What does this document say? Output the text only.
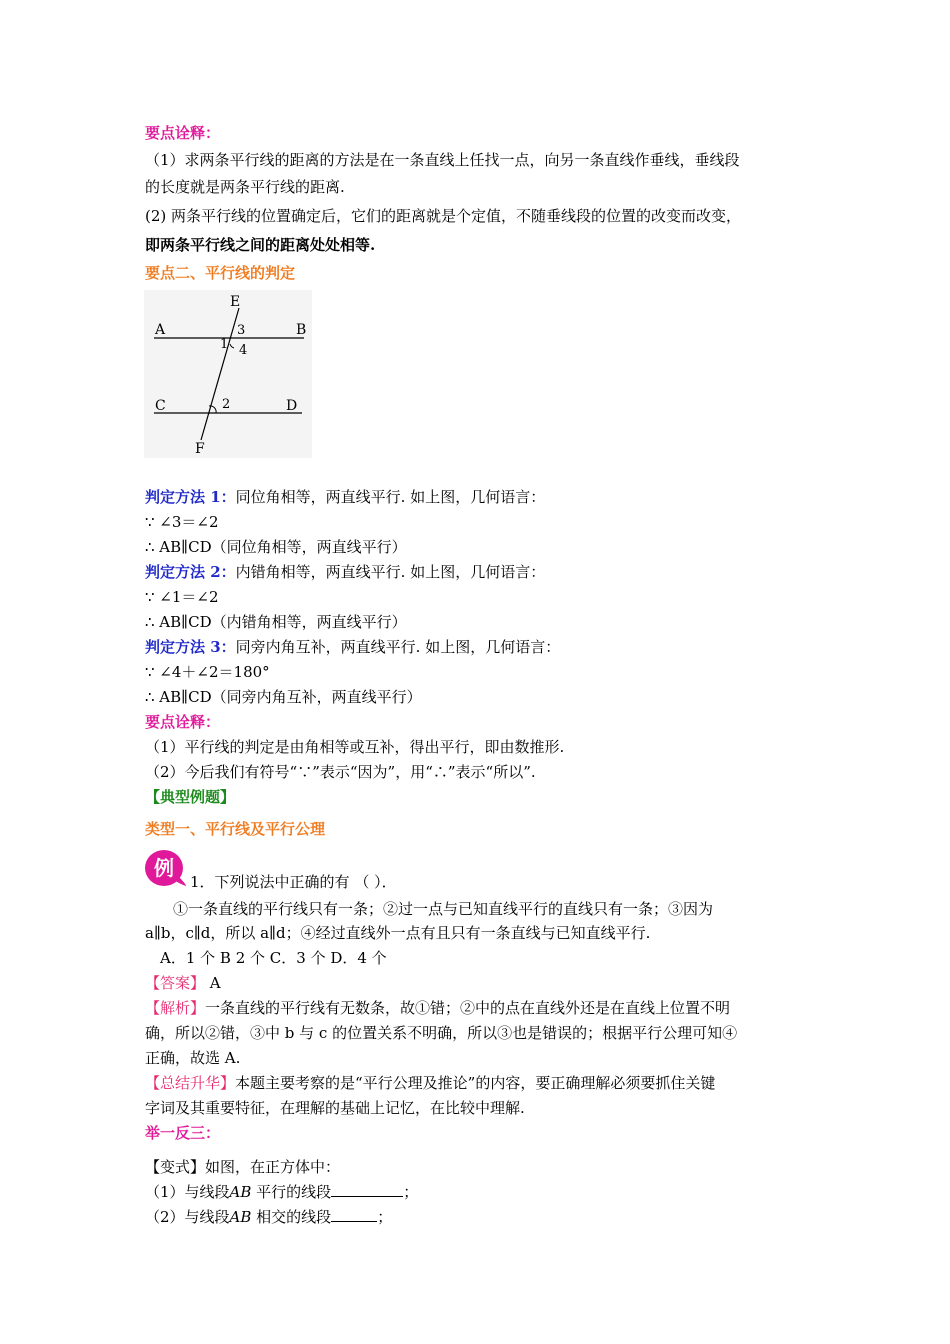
要点诠释：
（1）求两条平行线的距离的方法是在一条直线上任找一点，向另一条直线作垂线，垂线段
的长度就是两条平行线的距离.
(2) 两条平行线的位置确定后，它们的距离就是个定值，不随垂线段的位置的改变而改变，
即两条平行线之间的距离处处相等.
要点二、平行线的判定
E
A	B
C	D
F
1
3
4
2
判定方法 1：同位角相等，两直线平行. 如上图，几何语言：
∵ ∠3＝∠2
∴ AB∥CD（同位角相等，两直线平行）
判定方法 2：内错角相等，两直线平行. 如上图，几何语言：
∵ ∠1＝∠2
∴ AB∥CD（内错角相等，两直线平行）
判定方法 3：同旁内角互补，两直线平行. 如上图，几何语言：
∵ ∠4＋∠2＝180°
∴ AB∥CD（同旁内角互补，两直线平行）
要点诠释：
（1）平行线的判定是由角相等或互补，得出平行，即由数推形.
（2）今后我们有符号“∵”表示“因为”，用“∴”表示“所以”.
【典型例题】
类型一、平行线及平行公理
例
1．下列说法中正确的有 （ ）．
①一条直线的平行线只有一条；②过一点与已知直线平行的直线只有一条；③因为
a∥b，c∥d，所以 a∥d；④经过直线外一点有且只有一条直线与已知直线平行.
A．1 个 B 2 个 C．3 个 D．4 个
【答案】 A
【解析】一条直线的平行线有无数条，故①错；②中的点在直线外还是在直线上位置不明
确，所以②错，③中 b 与 c 的位置关系不明确，所以③也是错误的；根据平行公理可知④
正确，故选 A.
【总结升华】本题主要考察的是“平行公理及推论”的内容，要正确理解必须要抓住关键
字词及其重要特征，在理解的基础上记忆，在比较中理解.
举一反三：
【变式】如图，在正方体中：
（1）与线段AB 平行的线段	；
（2）与线段AB 相交的线段	；
